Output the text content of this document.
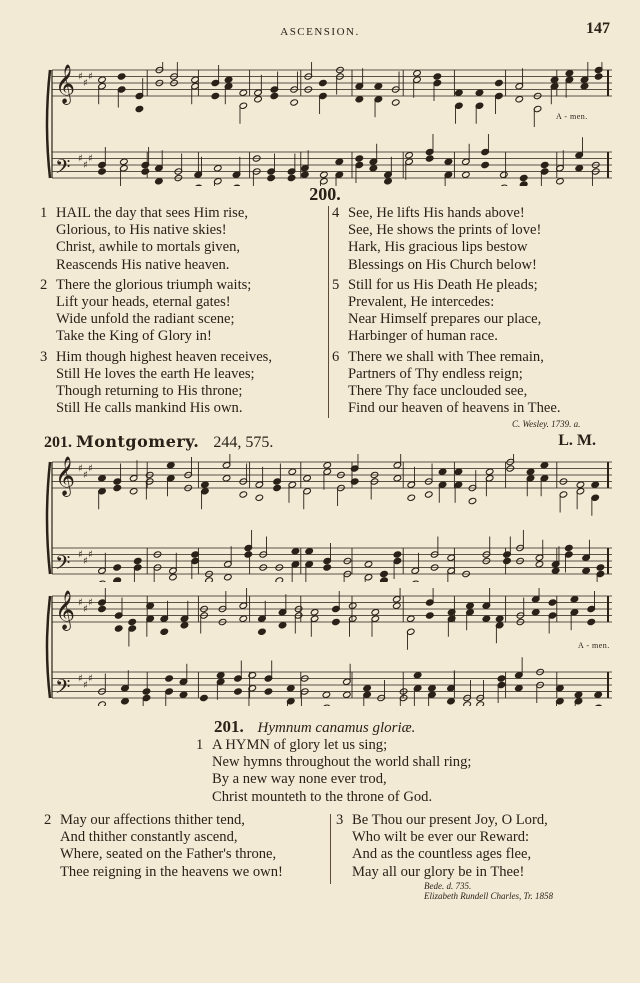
ASCENSION.	147
𝄞 ♯
♯
♯
𝄢 ♯
♯
♯
A - men.
200.
1 HAIL the day that sees Him rise,
Glorious, to His native skies!
Christ, awhile to mortals given,
Reascends His native heaven.
2 There the glorious triumph waits;
Lift your heads, eternal gates!
Wide unfold the radiant scene;
Take the King of Glory in!
3 Him though highest heaven receives,
Still He loves the earth He leaves;
Though returning to His throne;
Still He calls mankind His own.
4 See, He lifts His hands above!
See, He shows the prints of love!
Hark, His gracious lips bestow
Blessings on His Church below!
5 Still for us His Death He pleads;
Prevalent, He intercedes:
Near Himself prepares our place,
Harbinger of human race.
6 There we shall with Thee remain,
Partners of Thy endless reign;
There Thy face unclouded see,
Find our heaven of heavens in Thee.
C. Wesley. 1739. a.
201. Montgomery. 244, 575.	L. M.
𝄞 ♯
♯
♯
𝄢 ♯
♯
♯
𝄞 ♯
♯
♯
𝄢 ♯
♯
♯
A - men.
201. Hymnum canamus gloriæ.
1 A HYMN of glory let us sing;
New hymns throughout the world shall ring;
By a new way none ever trod,
Christ mounteth to the throne of God.
2 May our affections thither tend,
And thither constantly ascend,
Where, seated on the Father's throne,
Thee reigning in the heavens we own!
3 Be Thou our present Joy, O Lord,
Who wilt be ever our Reward:
And as the countless ages flee,
May all our glory be in Thee!
Bede. d. 735.
Elizabeth Rundell Charles, Tr. 1858
